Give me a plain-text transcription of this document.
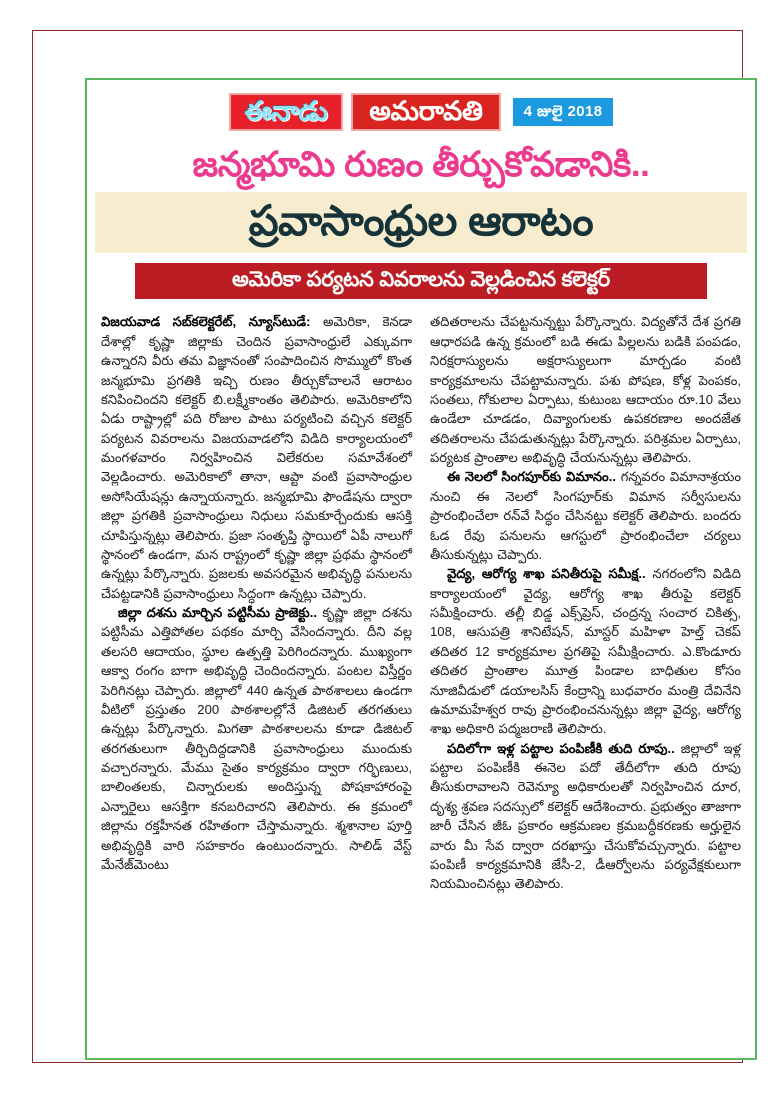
ఈనాడు అమరావతి	4 జులై 2018
జన్మభూమి రుణం తీర్చుకోవడానికి..
ప్రవాసాంధ్రుల ఆరాటం
అమెరికా పర్యటన వివరాలను వెల్లడించిన కలెక్టర్

విజయవాడ సబ్‌కలెక్టరేట్, న్యూస్‌టుడే: అమెరికా, కెనడా దేశాల్లో కృష్ణా జిల్లాకు చెందిన ప్రవాసాంధ్రులే ఎక్కువగా ఉన్నారని వీరు తమ విజ్ఞానంతో సంపాదించిన సొమ్ములో కొంత జన్మభూమి ప్రగతికి ఇచ్చి రుణం తీర్చుకోవాలనే ఆరాటం కనిపించిందని కలెక్టర్ బి.లక్ష్మీకాంతం తెలిపారు. అమెరికాలోని ఏడు రాష్ట్రాల్లో పది రోజుల పాటు పర్యటించి వచ్చిన కలెక్టర్ పర్యటన వివరాలను విజయవాడలోని విడిది కార్యాలయంలో మంగళవారం నిర్వహించిన విలేకరుల సమావేశంలో వెల్లడించారు. అమెరికాలో తానా, ఆప్టా వంటి ప్రవాసాంధ్రుల అసోసియేషన్లు ఉన్నాయన్నారు. జన్మభూమి ఫౌండేషను ద్వారా జిల్లా ప్రగతికి ప్రవాసాంధ్రులు నిధులు సమకూర్చేందుకు ఆసక్తి చూపిస్తున్నట్లు తెలిపారు. ప్రజా సంతృప్తి స్థాయిలో ఏపీ నాలుగో స్థానంలో ఉండగా, మన రాష్ట్రంలో కృష్ణా జిల్లా ప్రథమ స్థానంలో ఉన్నట్లు పేర్కొన్నారు. ప్రజలకు అవసరమైన అభివృద్ధి పనులను చేపట్టడానికి ప్రవాసాంధ్రులు సిద్ధంగా ఉన్నట్లు చెప్పారు.

జిల్లా దశను మార్చిన పట్టిసీమ ప్రాజెక్టు.. కృష్ణా జిల్లా దశను పట్టిసీమ ఎత్తిపోతల పథకం మార్చి వేసిందన్నారు. దీని వల్ల తలసరి ఆదాయం, స్థూల ఉత్పత్తి పెరిగిందన్నారు. ముఖ్యంగా ఆక్వా రంగం బాగా అభివృద్ధి చెందిందన్నారు. పంటల విస్తీర్ణం పెరిగినట్లు చెప్పారు. జిల్లాలో 440 ఉన్నత పాఠశాలలు ఉండగా వీటిలో ప్రస్తుతం 200 పాఠశాలల్లోనే డిజిటల్ తరగతులు ఉన్నట్లు పేర్కొన్నారు. మిగతా పాఠశాలలను కూడా డిజిటల్ తరగతులుగా తీర్చిదిద్దడానికి ప్రవాసాంధ్రులు ముందుకు వచ్చారన్నారు. మేము సైతం కార్యక్రమం ద్వారా గర్భిణులు, బాలింతలకు, చిన్నారులకు అందిస్తున్న పోషకాహారంపై ఎన్నారైలు ఆసక్తిగా కనబరిచారని తెలిపారు. ఈ క్రమంలో జిల్లాను రక్తహీనత రహితంగా చేస్తామన్నారు. శ్మశానాల పూర్తి అభివృద్ధికి వారి సహకారం ఉంటుందన్నారు. సాలిడ్ వేస్ట్ మేనేజ్‌మెంటు

తదితరాలను చేపట్టనున్నట్టు పేర్కొన్నారు. విద్యతోనే దేశ ప్రగతి ఆధారపడి ఉన్న క్రమంలో బడి ఈడు పిల్లలను బడికి పంపడం, నిరక్షరాస్యులను అక్షరాస్యులుగా మార్చడం వంటి కార్యక్రమాలను చేపట్టామన్నారు. పశు పోషణ, కోళ్ల పెంపకం, సంతలు, గోకులాల ఏర్పాటు, కుటుంబ ఆదాయం రూ.10 వేలు ఉండేలా చూడడం, దివ్యాంగులకు ఉపకరణాల అందజేత తదితరాలను చేపడుతున్నట్లు పేర్కొన్నారు. పరిశ్రమల ఏర్పాటు, పర్యటక ప్రాంతాల అభివృద్ధి చేయనున్నట్లు తెలిపారు.

ఈ నెలలో సింగపూర్‌కు విమానం.. గన్నవరం విమానాశ్రయం నుంచి ఈ నెలలో సింగపూర్‌కు విమాన సర్వీసులను ప్రారంభించేలా రన్‌వే సిద్ధం చేసినట్టు కలెక్టర్ తెలిపారు. బందరు ఓడ రేవు పనులను ఆగస్టులో ప్రారంభించేలా చర్యలు తీసుకున్నట్లు చెప్పారు.

వైద్య, ఆరోగ్య శాఖ పనితీరుపై సమీక్ష.. నగరంలోని విడిది కార్యాలయంలో వైద్య, ఆరోగ్య శాఖ తీరుపై కలెక్టర్ సమీక్షించారు. తల్లీ బిడ్డ ఎక్స్‌ప్రెస్, చంద్రన్న సంచార చికిత్స, 108, ఆసుపత్రి శానిటేషన్, మాస్టర్ మహిళా హెల్త్ చెకప్ తదితర 12 కార్యక్రమాల ప్రగతిపై సమీక్షించారు. ఎ.కొండూరు తదితర ప్రాంతాల మూత్ర పిండాల బాధితుల కోసం నూజివీడులో డయాలసిస్ కేంద్రాన్ని బుధవారం మంత్రి దేవినేని ఉమామహేశ్వర రావు ప్రారంభించనున్నట్లు జిల్లా వైద్య, ఆరోగ్య శాఖ అధికారి పద్మజరాణి తెలిపారు.

పదిలోగా ఇళ్ల పట్టాల పంపిణీకి తుది రూపు.. జిల్లాలో ఇళ్ల పట్టాల పంపిణీకి ఈనెల పదో తేదీలోగా తుది రూపు తీసుకురావాలని రెవెన్యూ అధికారులతో నిర్వహించిన దూర, దృశ్య శ్రవణ సదస్సులో కలెక్టర్ ఆదేశించారు. ప్రభుత్వం తాజాగా జారీ చేసిన జీఓ ప్రకారం ఆక్రమణల క్రమబద్ధీకరణకు అర్హులైన వారు మీ సేవ ద్వారా దరఖాస్తు చేసుకోవచ్చున్నారు. పట్టాల పంపిణీ కార్యక్రమానికి జేసీ-2, డీఆర్వోలను పర్యవేక్షకులుగా నియమించినట్లు తెలిపారు.
